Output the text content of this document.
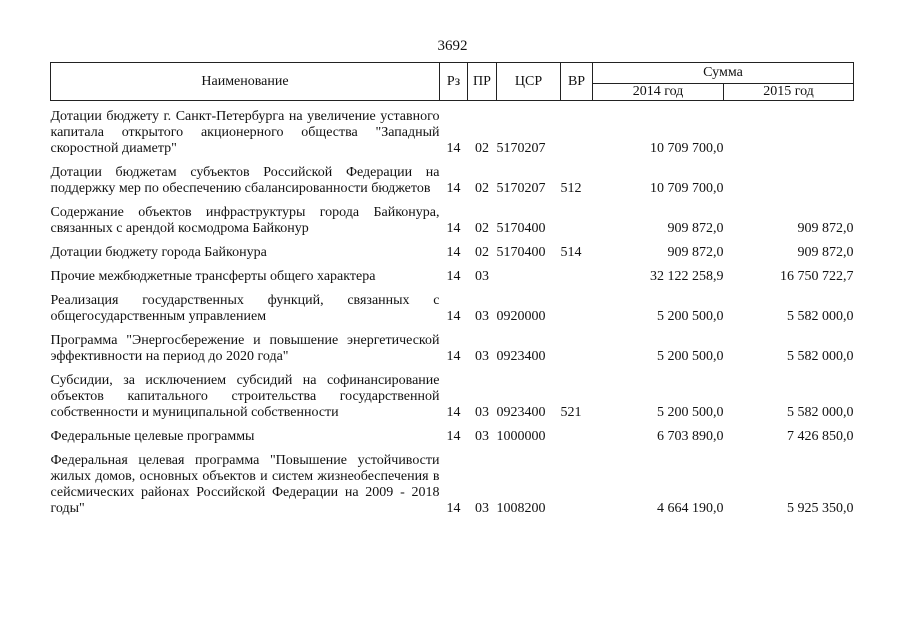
3692
Наименование	Рз	ПР	ЦСР	ВР	Сумма	
					2014 год	2015 год
Дотации бюджету г. Санкт-Петербурга на увеличение уставного капитала открытого акционерного общества "Западный скоростной диаметр"	14	02	5170207		10 709 700,0	

Дотации бюджетам субъектов Российской Федерации на поддержку мер по обеспечению сбалансированности бюджетов	14	02	5170207	512	10 709 700,0	

Содержание объектов инфраструктуры города Байконура, связанных с арендой космодрома Байконур	14	02	5170400		909 872,0	909 872,0

Дотации бюджету города Байконура	14	02	5170400	514	909 872,0	909 872,0

Прочие межбюджетные трансферты общего характера	14	03			32 122 258,9	16 750 722,7

Реализация государственных функций, связанных с общегосударственным управлением	14	03	0920000		5 200 500,0	5 582 000,0

Программа "Энергосбережение и повышение энергетической эффективности на период до 2020 года"	14	03	0923400		5 200 500,0	5 582 000,0

Субсидии, за исключением субсидий на софинансирование объектов капитального строительства государственной собственности и муниципальной собственности	14	03	0923400	521	5 200 500,0	5 582 000,0

Федеральные целевые программы	14	03	1000000		6 703 890,0	7 426 850,0

Федеральная целевая программа "Повышение устойчивости жилых домов, основных объектов и систем жизнеобеспечения в сейсмических районах Российской Федерации на 2009 - 2018 годы"	14	03	1008200		4 664 190,0	5 925 350,0
